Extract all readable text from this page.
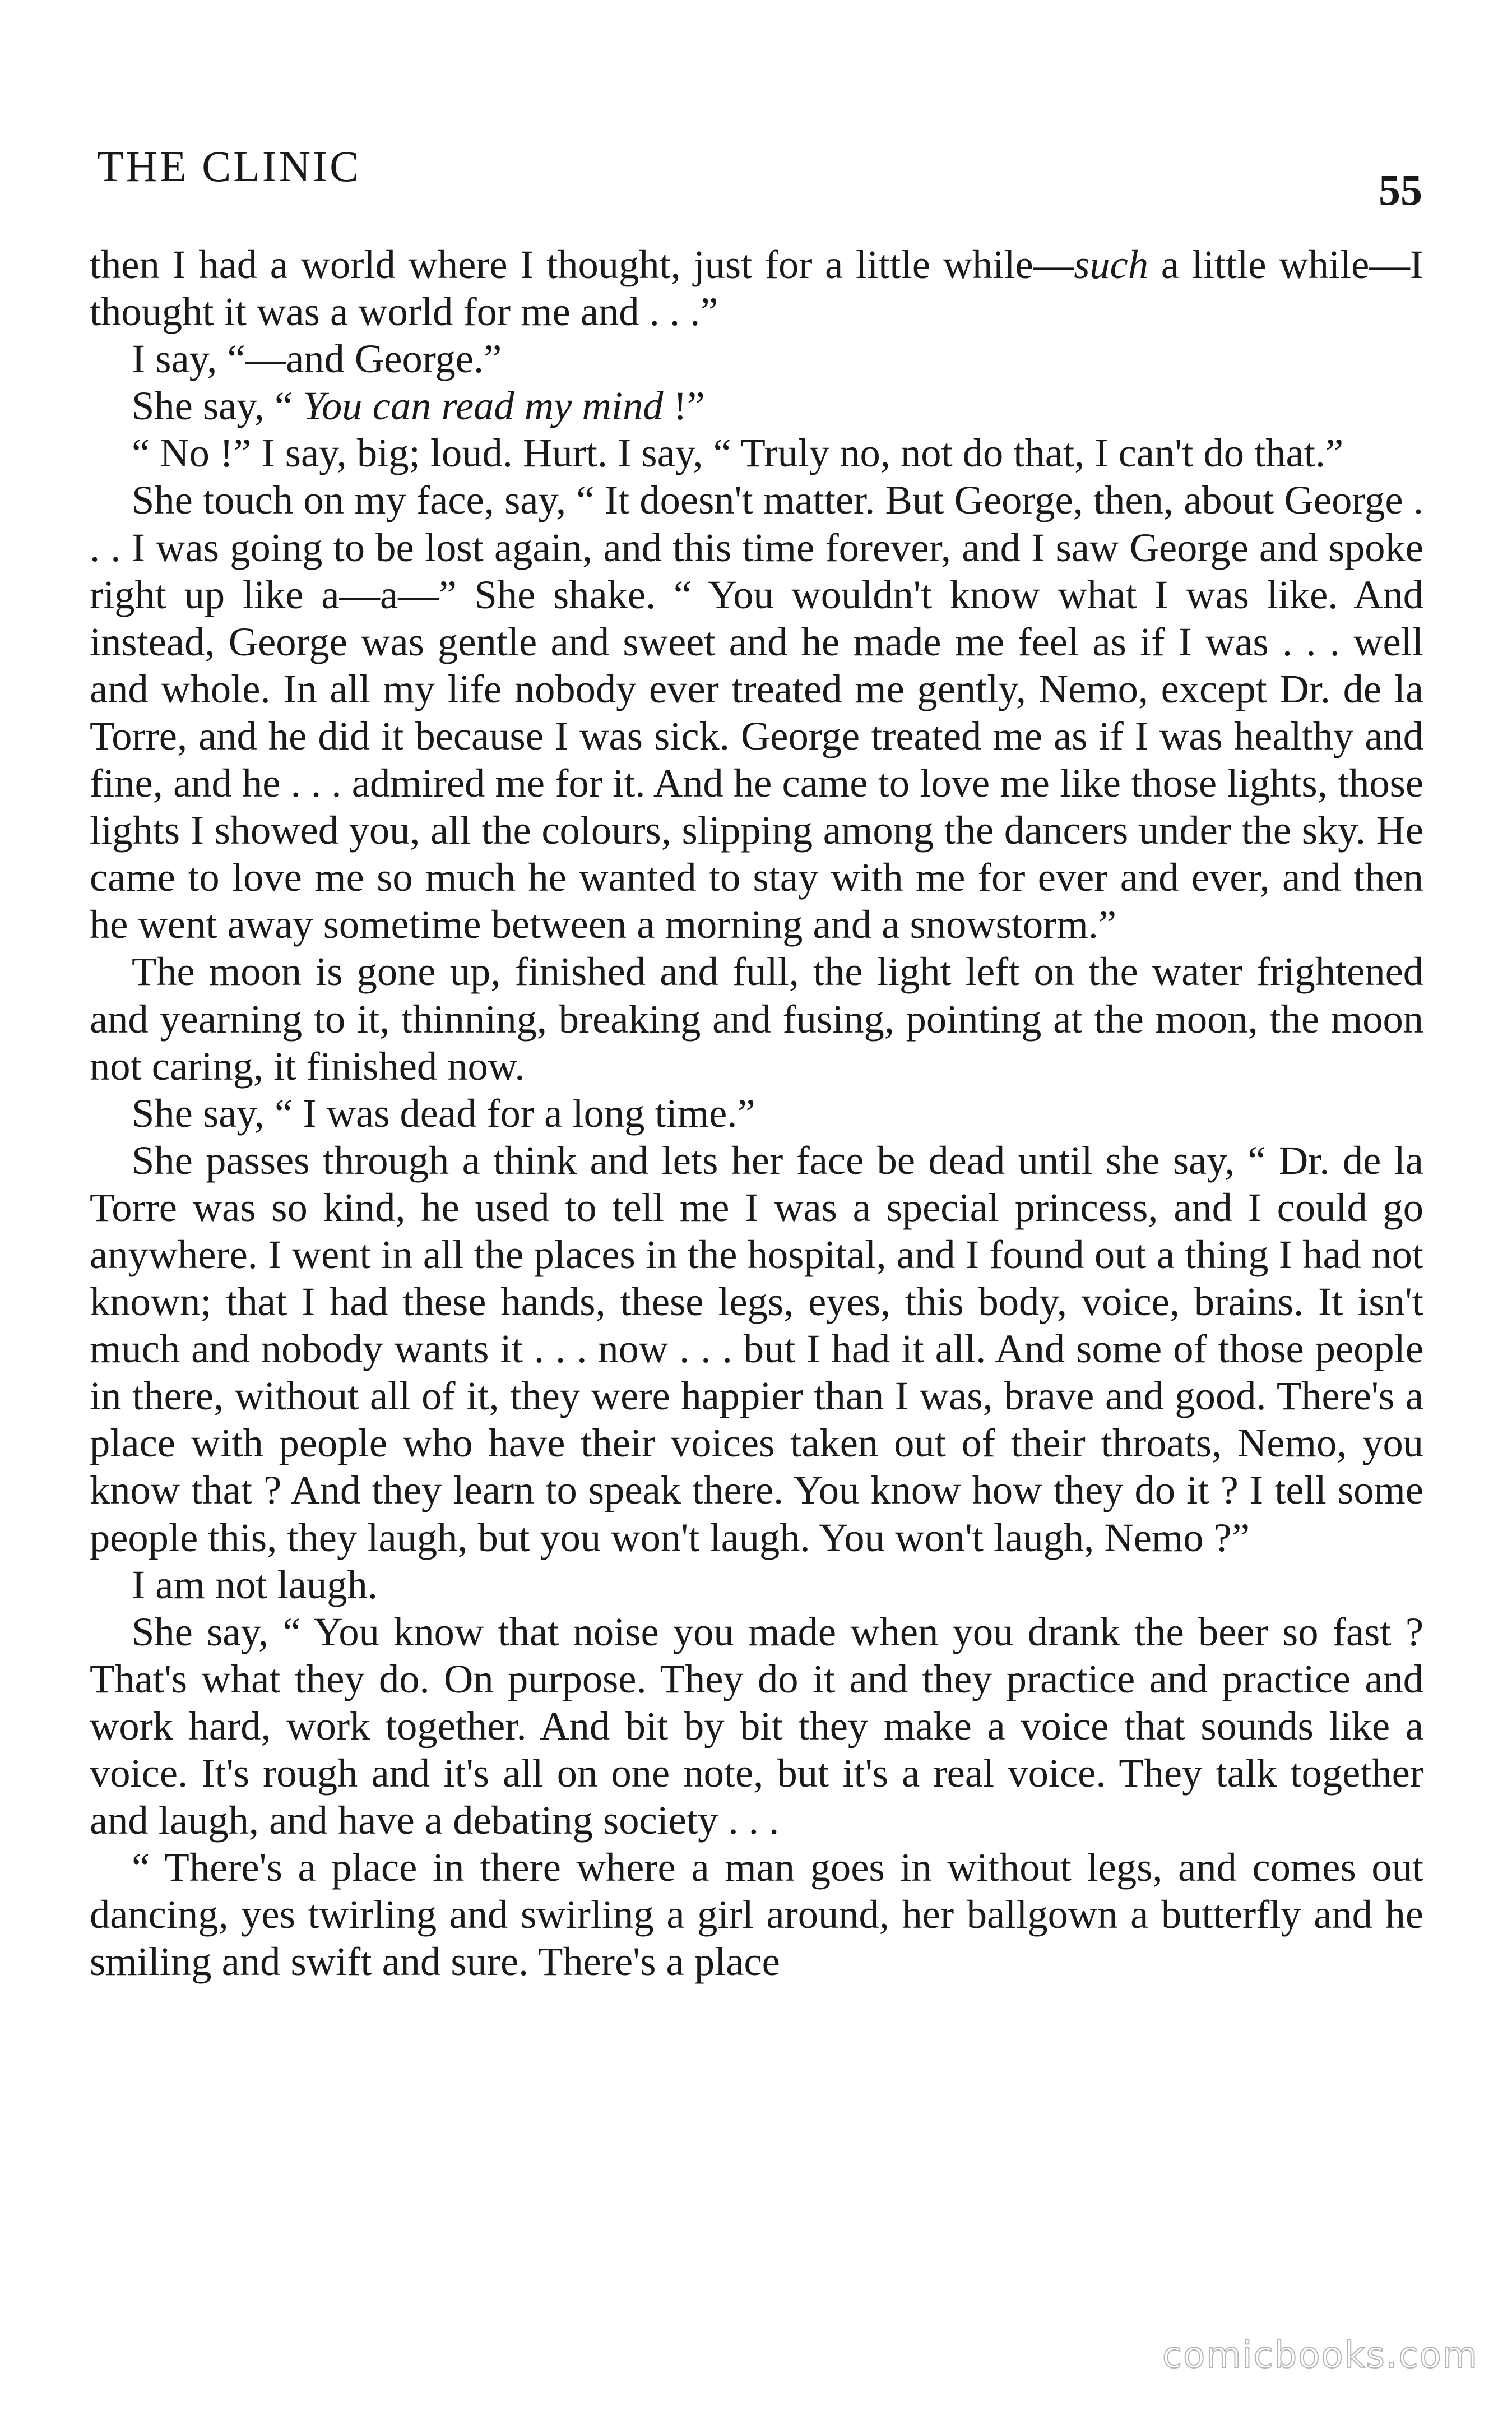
THE CLINIC	55

then I had a world where I thought, just for a little while—such a little while—I thought it was a world for me and . . .”

I say, “—and George.”

She say, “ You can read my mind !”

“ No !” I say, big; loud. Hurt. I say, “ Truly no, not do that, I can't do that.”

She touch on my face, say, “ It doesn't matter. But George, then, about George . . . I was going to be lost again, and this time forever, and I saw George and spoke right up like a—a—” She shake. “ You wouldn't know what I was like. And instead, George was gentle and sweet and he made me feel as if I was . . . well and whole. In all my life nobody ever treated me gently, Nemo, except Dr. de la Torre, and he did it because I was sick. George treated me as if I was healthy and fine, and he . . . admired me for it. And he came to love me like those lights, those lights I showed you, all the colours, slipping among the dancers under the sky. He came to love me so much he wanted to stay with me for ever and ever, and then he went away sometime between a morning and a snowstorm.”

The moon is gone up, finished and full, the light left on the water frightened and yearning to it, thinning, breaking and fusing, pointing at the moon, the moon not caring, it finished now.

She say, “ I was dead for a long time.”

She passes through a think and lets her face be dead until she say, “ Dr. de la Torre was so kind, he used to tell me I was a special princess, and I could go anywhere. I went in all the places in the hospital, and I found out a thing I had not known; that I had these hands, these legs, eyes, this body, voice, brains. It isn't much and nobody wants it . . . now . . . but I had it all. And some of those people in there, without all of it, they were happier than I was, brave and good. There's a place with people who have their voices taken out of their throats, Nemo, you know that ? And they learn to speak there. You know how they do it ? I tell some people this, they laugh, but you won't laugh. You won't laugh, Nemo ?”

I am not laugh.

She say, “ You know that noise you made when you drank the beer so fast ? That's what they do. On purpose. They do it and they practice and practice and work hard, work together. And bit by bit they make a voice that sounds like a voice. It's rough and it's all on one note, but it's a real voice. They talk together and laugh, and have a debating society . . .

“ There's a place in there where a man goes in without legs, and comes out dancing, yes twirling and swirling a girl around, her ballgown a butterfly and he smiling and swift and sure. There's a place

comicbooks.com
